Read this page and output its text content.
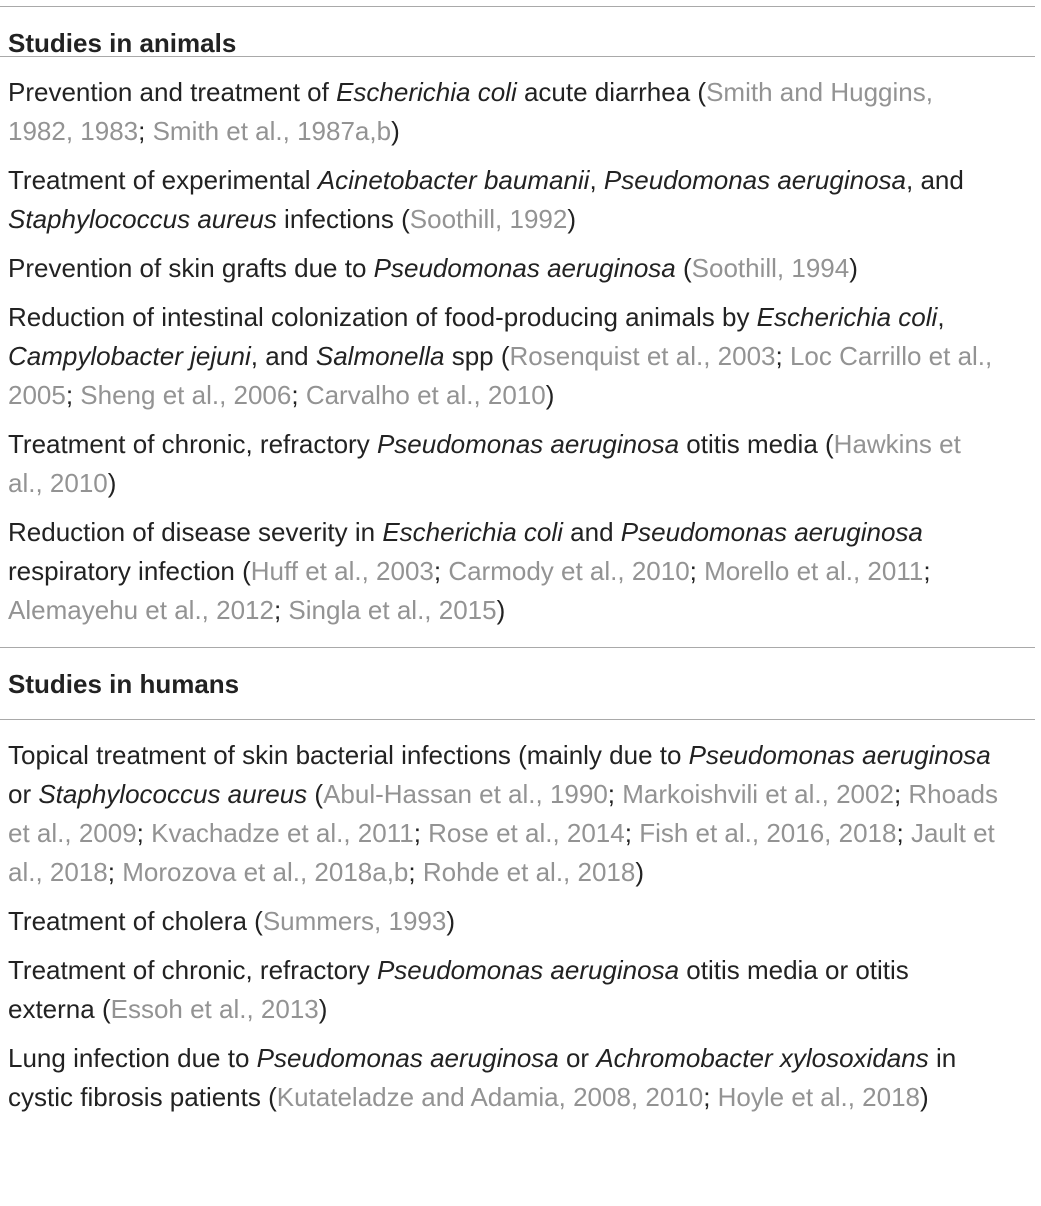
Studies in animals
Prevention and treatment of Escherichia coli acute diarrhea (Smith and Huggins, 1982, 1983; Smith et al., 1987a,b)
Treatment of experimental Acinetobacter baumanii, Pseudomonas aeruginosa, and Staphylococcus aureus infections (Soothill, 1992)
Prevention of skin grafts due to Pseudomonas aeruginosa (Soothill, 1994)
Reduction of intestinal colonization of food-producing animals by Escherichia coli, Campylobacter jejuni, and Salmonella spp (Rosenquist et al., 2003; Loc Carrillo et al., 2005; Sheng et al., 2006; Carvalho et al., 2010)
Treatment of chronic, refractory Pseudomonas aeruginosa otitis media (Hawkins et al., 2010)
Reduction of disease severity in Escherichia coli and Pseudomonas aeruginosa respiratory infection (Huff et al., 2003; Carmody et al., 2010; Morello et al., 2011; Alemayehu et al., 2012; Singla et al., 2015)
Studies in humans
Topical treatment of skin bacterial infections (mainly due to Pseudomonas aeruginosa or Staphylococcus aureus (Abul-Hassan et al., 1990; Markoishvili et al., 2002; Rhoads et al., 2009; Kvachadze et al., 2011; Rose et al., 2014; Fish et al., 2016, 2018; Jault et al., 2018; Morozova et al., 2018a,b; Rohde et al., 2018)
Treatment of cholera (Summers, 1993)
Treatment of chronic, refractory Pseudomonas aeruginosa otitis media or otitis externa (Essoh et al., 2013)
Lung infection due to Pseudomonas aeruginosa or Achromobacter xylosoxidans in cystic fibrosis patients (Kutateladze and Adamia, 2008, 2010; Hoyle et al., 2018)
